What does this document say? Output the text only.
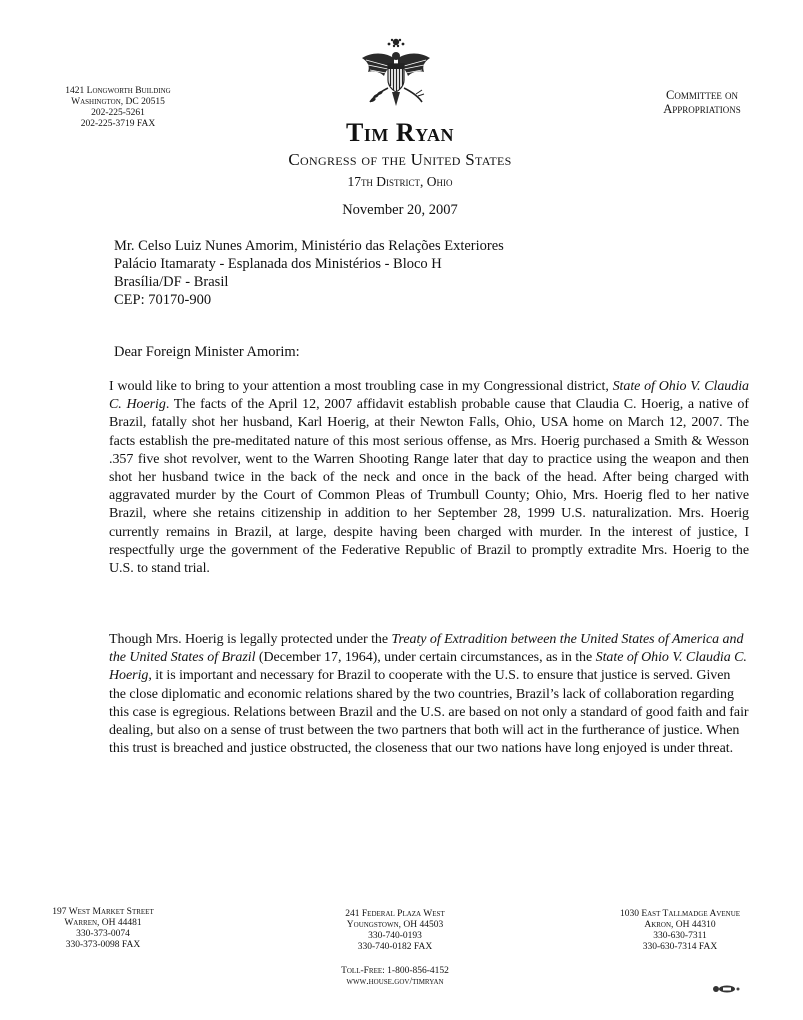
1421 Longworth Building
Washington, DC 20515
202-225-5261
202-225-3719 FAX
Committee on
Appropriations
Tim Ryan
Congress of the United States
17th District, Ohio
November 20, 2007
Mr. Celso Luiz Nunes Amorim, Ministério das Relações Exteriores
Palácio Itamaraty - Esplanada dos Ministérios - Bloco H
Brasília/DF - Brasil
CEP: 70170-900
Dear Foreign Minister Amorim:
I would like to bring to your attention a most troubling case in my Congressional district, State of Ohio V. Claudia C. Hoerig. The facts of the April 12, 2007 affidavit establish probable cause that Claudia C. Hoerig, a native of Brazil, fatally shot her husband, Karl Hoerig, at their Newton Falls, Ohio, USA home on March 12, 2007. The facts establish the pre-meditated nature of this most serious offense, as Mrs. Hoerig purchased a Smith & Wesson .357 five shot revolver, went to the Warren Shooting Range later that day to practice using the weapon and then shot her husband twice in the back of the neck and once in the back of the head. After being charged with aggravated murder by the Court of Common Pleas of Trumbull County; Ohio, Mrs. Hoerig fled to her native Brazil, where she retains citizenship in addition to her September 28, 1999 U.S. naturalization. Mrs. Hoerig currently remains in Brazil, at large, despite having been charged with murder. In the interest of justice, I respectfully urge the government of the Federative Republic of Brazil to promptly extradite Mrs. Hoerig to the U.S. to stand trial.
Though Mrs. Hoerig is legally protected under the Treaty of Extradition between the United States of America and the United States of Brazil (December 17, 1964), under certain circumstances, as in the State of Ohio V. Claudia C. Hoerig, it is important and necessary for Brazil to cooperate with the U.S. to ensure that justice is served. Given the close diplomatic and economic relations shared by the two countries, Brazil’s lack of collaboration regarding this case is egregious. Relations between Brazil and the U.S. are based on not only a standard of good faith and fair dealing, but also on a sense of trust between the two partners that both will act in the furtherance of justice. When this trust is breached and justice obstructed, the closeness that our two nations have long enjoyed is under threat.
197 West Market Street
Warren, OH 44481
330-373-0074
330-373-0098 FAX
241 Federal Plaza West
Youngstown, OH 44503
330-740-0193
330-740-0182 FAX
1030 East Tallmadge Avenue
Akron, OH 44310
330-630-7311
330-630-7314 FAX
Toll-Free: 1-800-856-4152
www.house.gov/timryan
